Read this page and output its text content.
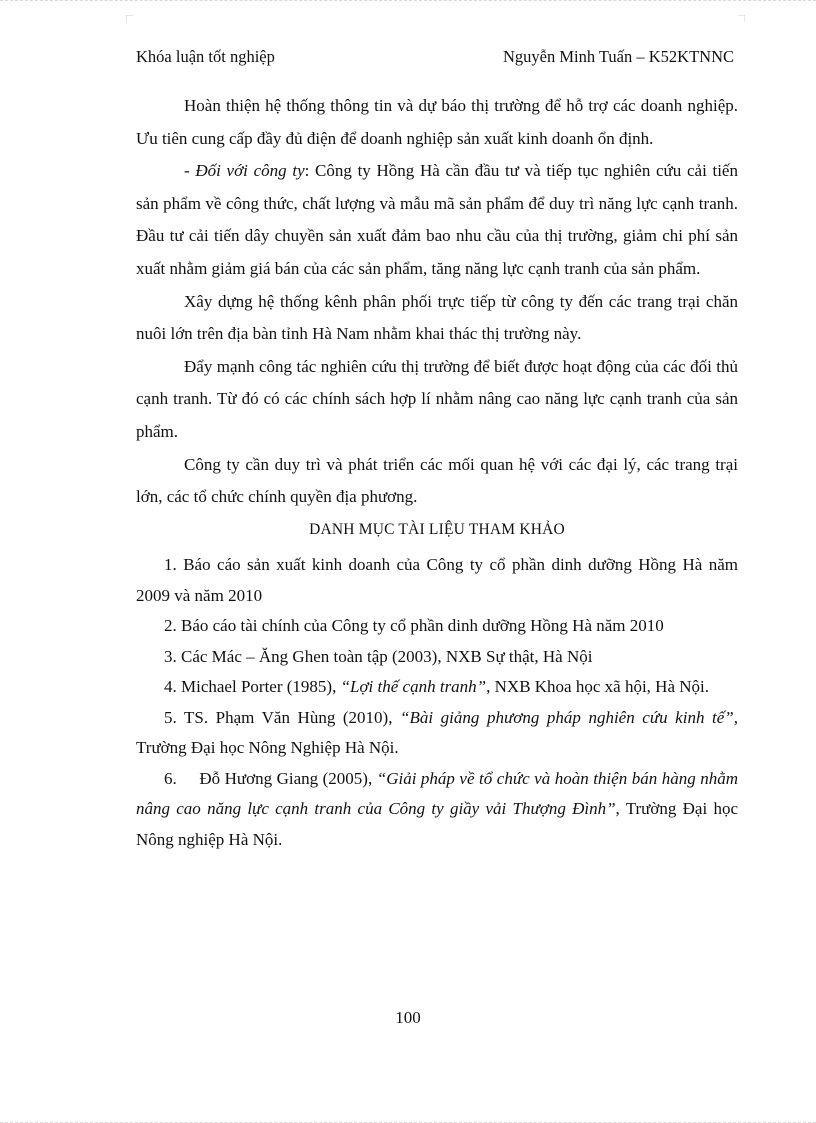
Khóa luận tốt nghiệp	Nguyễn Minh Tuấn – K52KTNNC

Hoàn thiện hệ thống thông tin và dự báo thị trường để hỗ trợ các doanh nghiệp. Ưu tiên cung cấp đầy đủ điện để doanh nghiệp sản xuất kinh doanh ổn định.

- Đối với công ty: Công ty Hồng Hà cần đầu tư và tiếp tục nghiên cứu cải tiến sản phẩm về công thức, chất lượng và mẫu mã sản phẩm để duy trì năng lực cạnh tranh. Đầu tư cải tiến dây chuyền sản xuất đảm bao nhu cầu của thị trường, giảm chi phí sản xuất nhằm giảm giá bán của các sản phẩm, tăng năng lực cạnh tranh của sản phẩm.

Xây dựng hệ thống kênh phân phối trực tiếp từ công ty đến các trang trại chăn nuôi lớn trên địa bàn tỉnh Hà Nam nhằm khai thác thị trường này.

Đẩy mạnh công tác nghiên cứu thị trường để biết được hoạt động của các đối thủ cạnh tranh. Từ đó có các chính sách hợp lí nhằm nâng cao năng lực cạnh tranh của sản phẩm.

Công ty cần duy trì và phát triển các mối quan hệ với các đại lý, các trang trại lớn, các tổ chức chính quyền địa phương.

DANH MỤC TÀI LIỆU THAM KHẢO

1. Báo cáo sản xuất kinh doanh của Công ty cổ phần dinh dưỡng Hồng Hà năm 2009 và năm 2010

2. Báo cáo tài chính của Công ty cổ phần dinh dưỡng Hồng Hà năm 2010

3. Các Mác – Ăng Ghen toàn tập (2003), NXB Sự thật, Hà Nội

4. Michael Porter (1985), “Lợi thế cạnh tranh”, NXB Khoa học xã hội, Hà Nội.

5. TS. Phạm Văn Hùng (2010), “Bài giảng phương pháp nghiên cứu kinh tế”, Trường Đại học Nông Nghiệp Hà Nội.

6. Đỗ Hương Giang (2005), “Giải pháp về tổ chức và hoàn thiện bán hàng nhằm nâng cao năng lực cạnh tranh của Công ty giầy vải Thượng Đình”, Trường Đại học Nông nghiệp Hà Nội.

100
